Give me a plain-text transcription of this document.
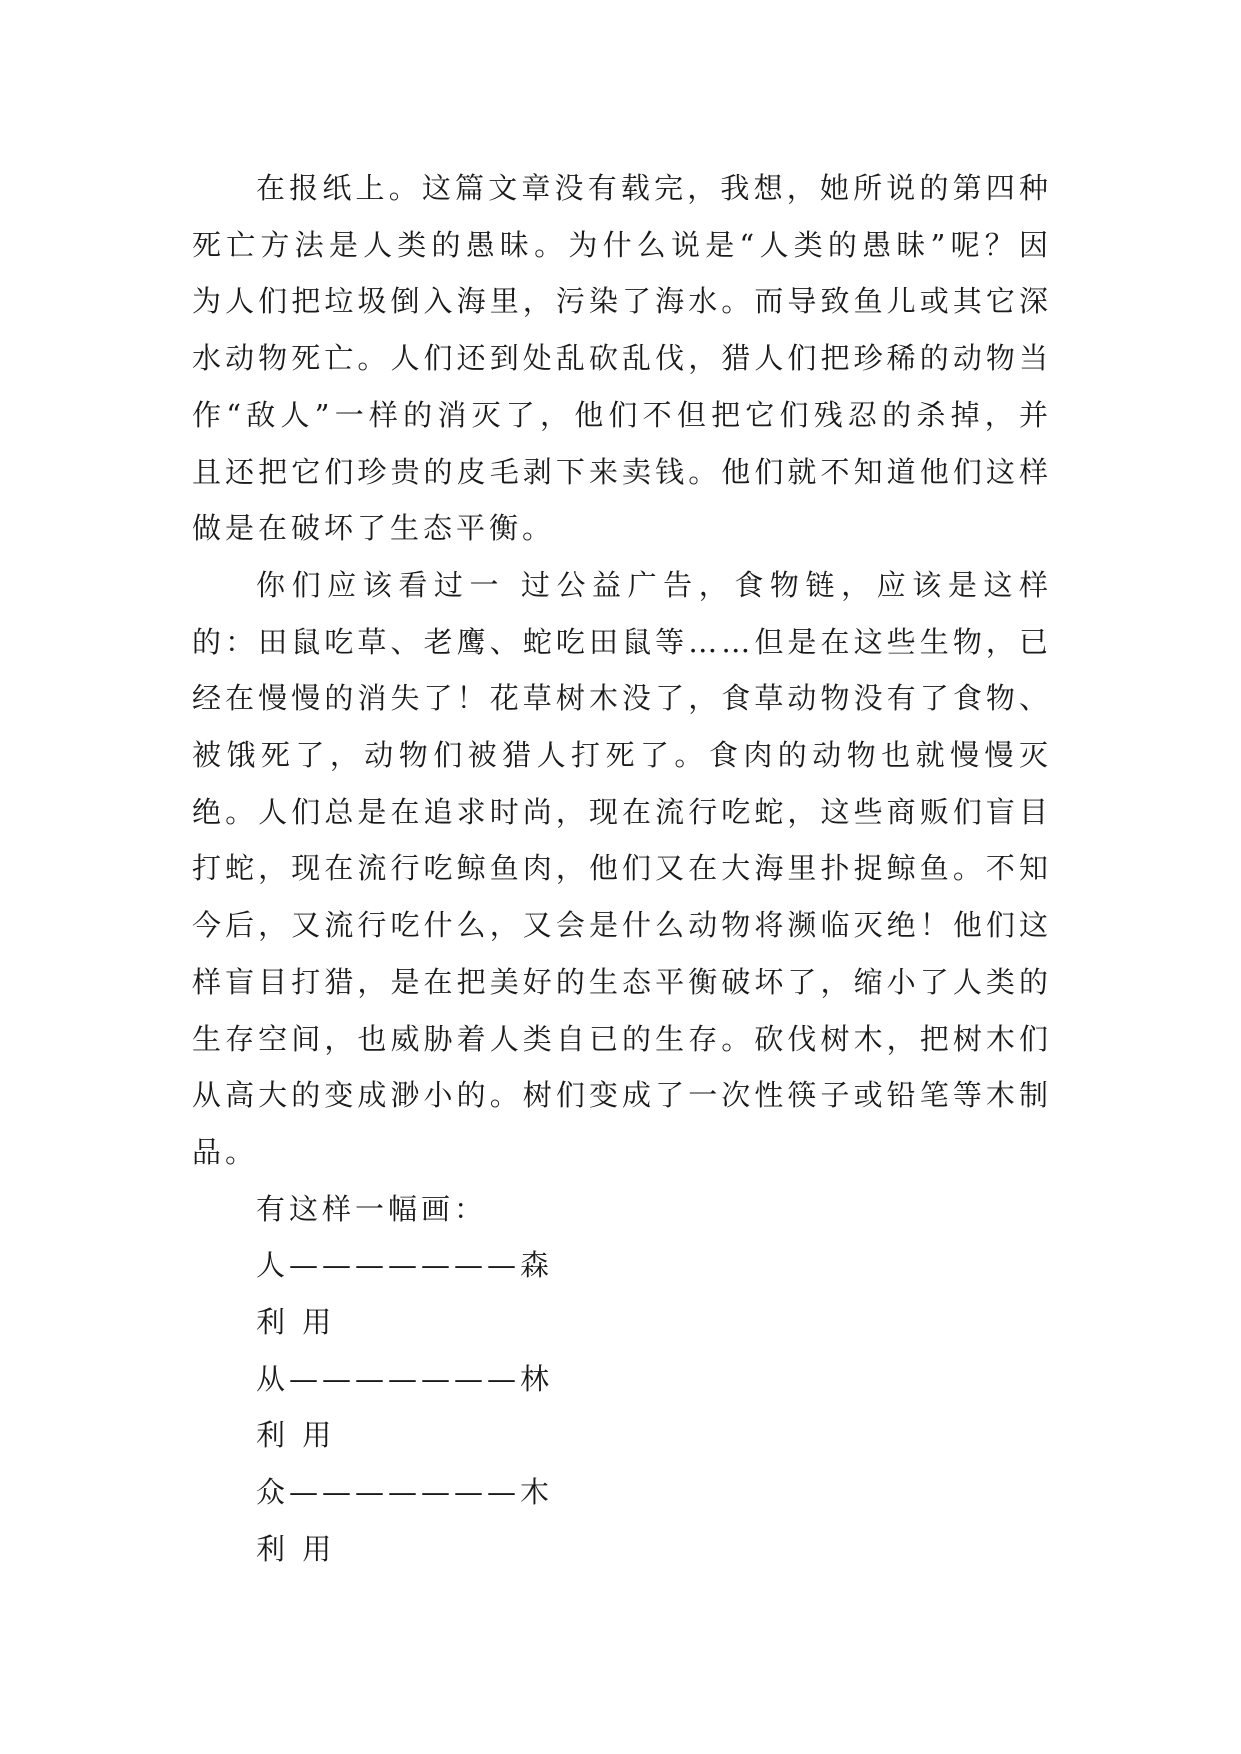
在报纸上。这篇文章没有载完，我想，她所说的第四种死亡方法是人类的愚昧。为什么说是“人类的愚昧”呢？因为人们把垃圾倒入海里，污染了海水。而导致鱼儿或其它深水动物死亡。人们还到处乱砍乱伐，猎人们把珍稀的动物当作“敌人”一样的消灭了，他们不但把它们残忍的杀掉，并且还把它们珍贵的皮毛剥下来卖钱。他们就不知道他们这样做是在破坏了生态平衡。

你们应该看过一 过公益广告，食物链，应该是这样的：田鼠吃草、老鹰、蛇吃田鼠等……但是在这些生物，已经在慢慢的消失了！花草树木没了，食草动物没有了食物、被饿死了，动物们被猎人打死了。食肉的动物也就慢慢灭绝。人们总是在追求时尚，现在流行吃蛇，这些商贩们盲目打蛇，现在流行吃鲸鱼肉，他们又在大海里扑捉鲸鱼。不知今后，又流行吃什么，又会是什么动物将濒临灭绝！他们这样盲目打猎，是在把美好的生态平衡破坏了，缩小了人类的生存空间，也威胁着人类自已的生存。砍伐树木，把树木们从高大的变成渺小的。树们变成了一次性筷子或铅笔等木制品。

有这样一幅画：
人———————森
利 用
从———————林
利 用
众———————木
利 用
